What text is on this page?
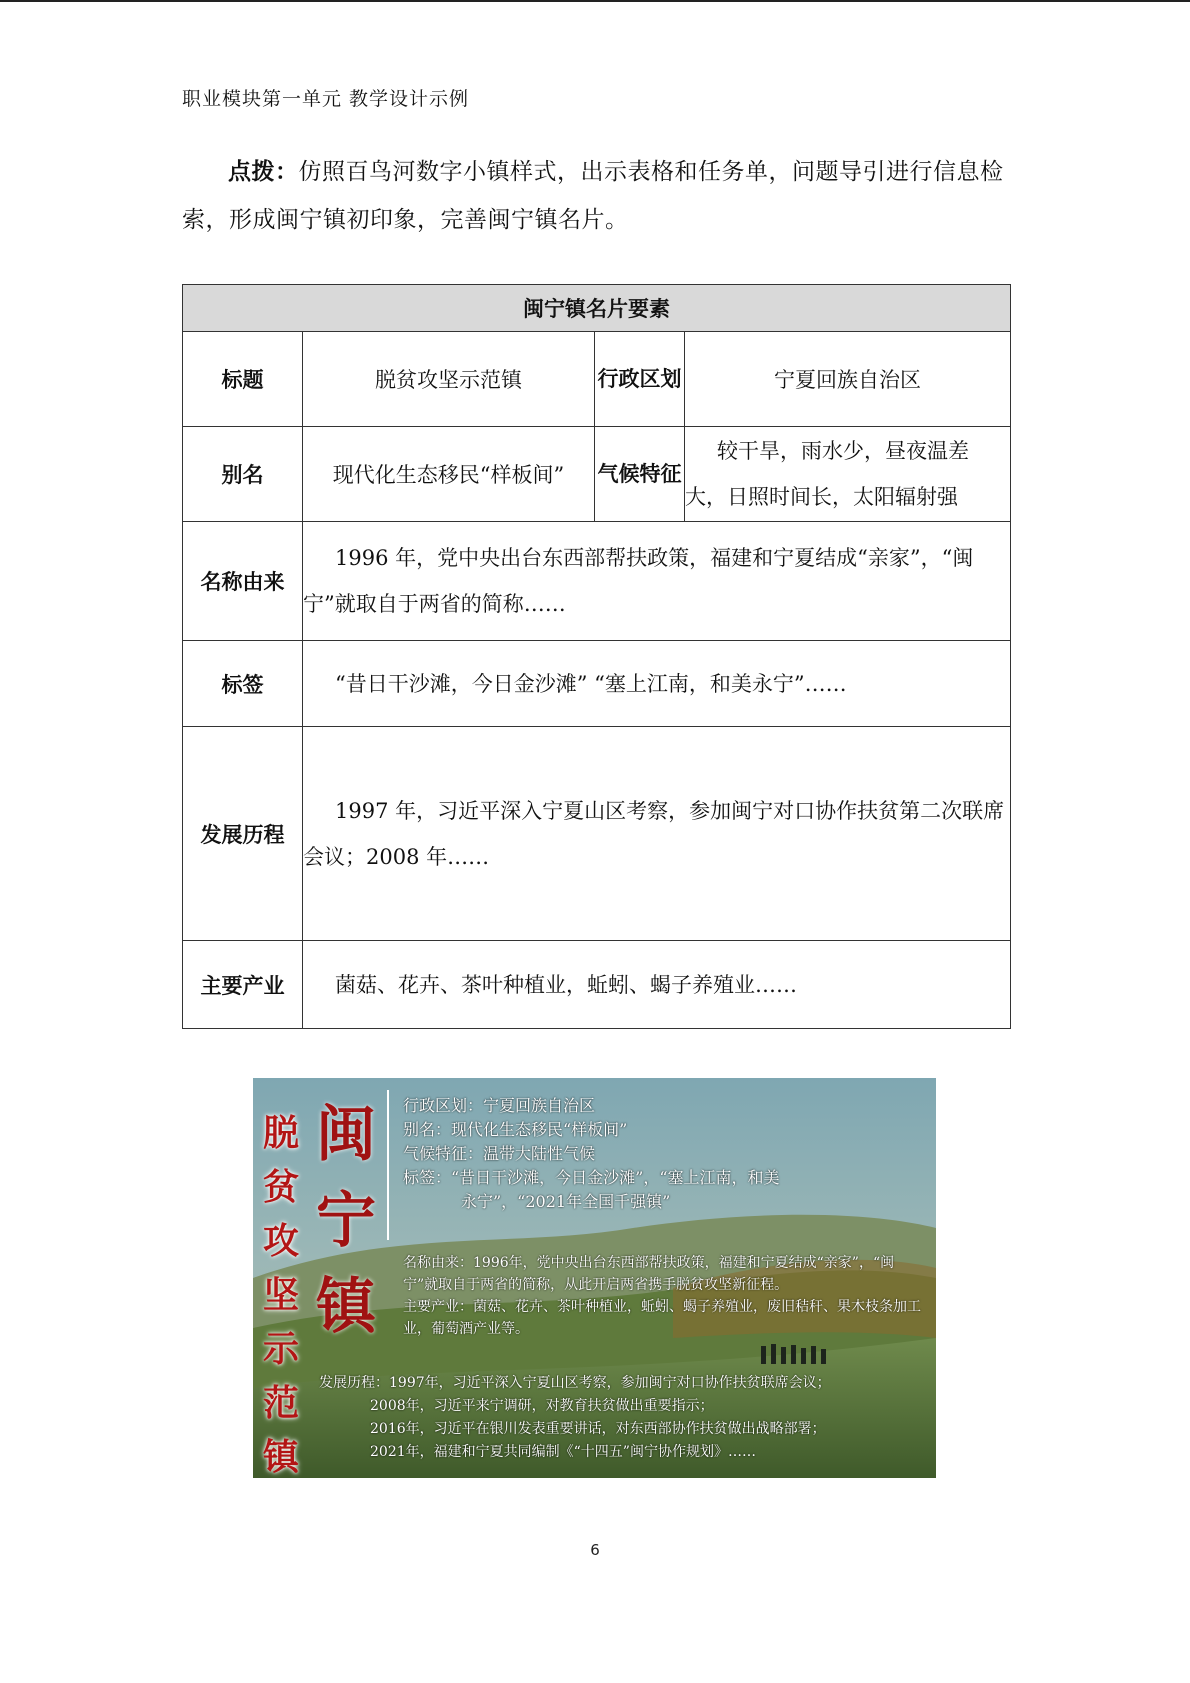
职业模块第一单元 教学设计示例

点拨：仿照百鸟河数字小镇样式，出示表格和任务单，问题导引进行信息检索，形成闽宁镇初印象，完善闽宁镇名片。

闽宁镇名片要素			
标题	脱贫攻坚示范镇	行政区划	宁夏回族自治区
别名	现代化生态移民“样板间”	气候特征	较干旱，雨水少，昼夜温差大，日照时间长，太阳辐射强
名称由来	1996 年，党中央出台东西部帮扶政策，福建和宁夏结成“亲家”，“闽宁”就取自于两省的简称……		
标签	“昔日干沙滩，今日金沙滩” “塞上江南，和美永宁”……		
发展历程	1997 年，习近平深入宁夏山区考察，参加闽宁对口协作扶贫第二次联席会议；2008 年……		
主要产业	菌菇、花卉、茶叶种植业，蚯蚓、蝎子养殖业……		
脱贫攻坚示范镇
闽宁镇
行政区划：宁夏回族自治区
别名：现代化生态移民“样板间”
气候特征：温带大陆性气候
标签：“昔日干沙滩，今日金沙滩”，“塞上江南，和美
永宁”，“2021年全国千强镇”
名称由来：1996年，党中央出台东西部帮扶政策，福建和宁夏结成“亲家”，“闽宁”就取自于两省的简称，从此开启两省携手脱贫攻坚新征程。
主要产业：菌菇、花卉、茶叶种植业，蚯蚓、蝎子养殖业，废旧秸秆、果木枝条加工业，葡萄酒产业等。
发展历程：1997年，习近平深入宁夏山区考察，参加闽宁对口协作扶贫联席会议；
2008年，习近平来宁调研，对教育扶贫做出重要指示；
2016年，习近平在银川发表重要讲话，对东西部协作扶贫做出战略部署；
2021年，福建和宁夏共同编制《“十四五”闽宁协作规划》……
6
